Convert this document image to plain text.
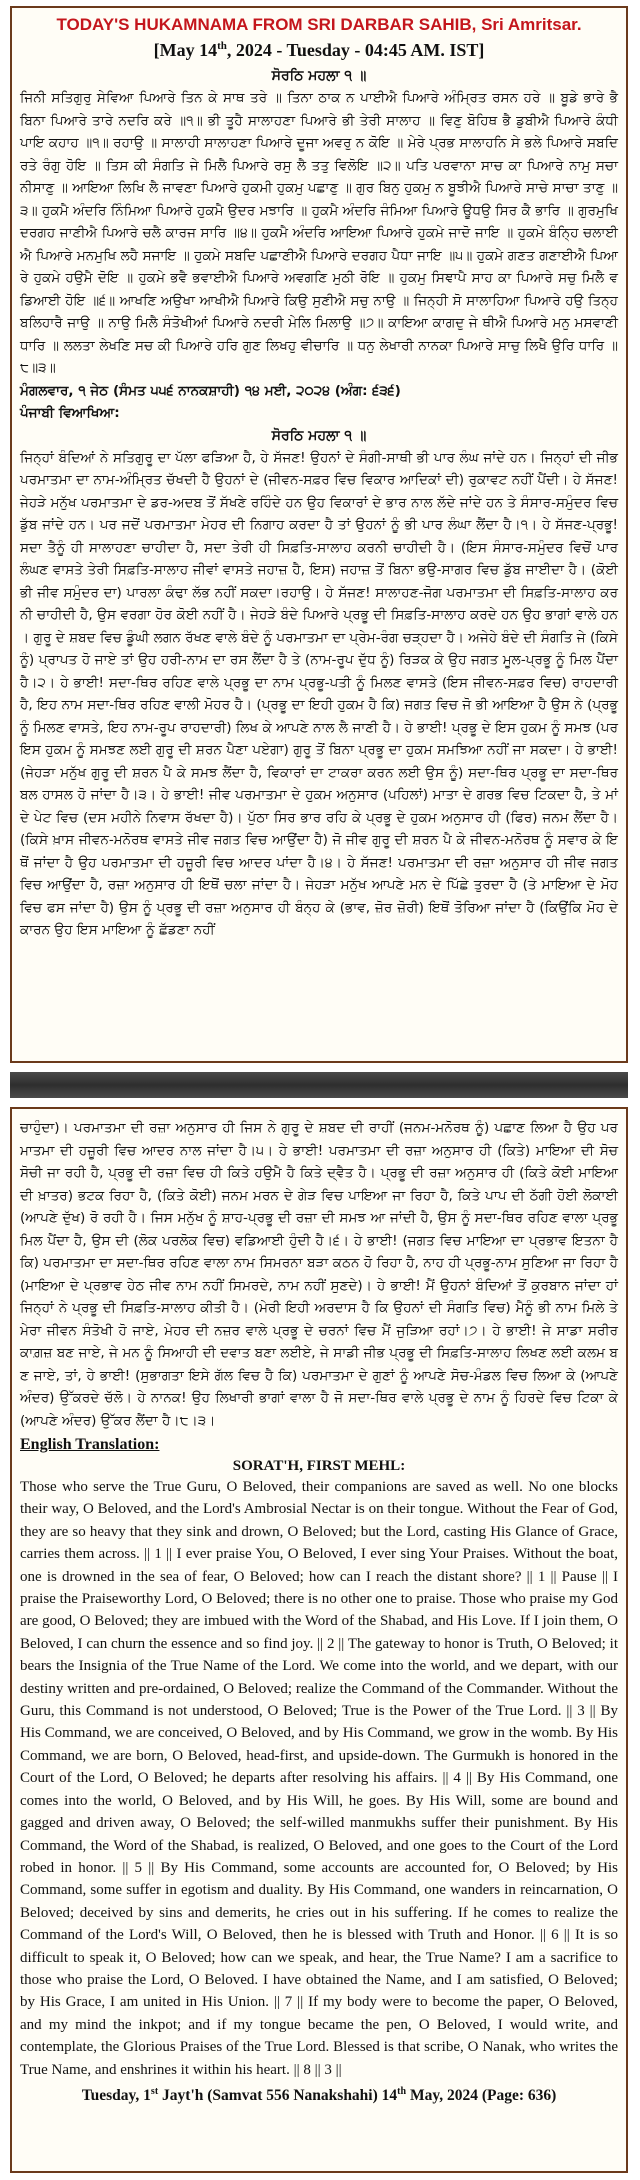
TODAY'S HUKAMNAMA FROM SRI DARBAR SAHIB, Sri Amritsar.

[May 14th, 2024 - Tuesday - 04:45 AM. IST]

ਸੋਰਠਿ ਮਹਲਾ ੧ ॥

ਜਿਨੀ ਸਤਿਗੁਰੁ ਸੇਵਿਆ ਪਿਆਰੇ ਤਿਨ ਕੇ ਸਾਥ ਤਰੇ ॥ ਤਿਨਾ ਠਾਕ ਨ ਪਾਈਐ ਪਿਆਰੇ ਅੰਮ੍ਰਿਤ ਰਸਨ ਹਰੇ ॥ ਬੂਡੇ ਭਾਰੇ ਭੈ ਬਿਨਾ ਪਿਆਰੇ ਤਾਰੇ ਨਦਰਿ ਕਰੇ ॥੧॥ ਭੀ ਤੂਹੈ ਸਾਲਾਹਣਾ ਪਿਆਰੇ ਭੀ ਤੇਰੀ ਸਾਲਾਹ ॥ ਵਿਣੁ ਬੋਹਿਥ ਭੈ ਡੁਬੀਐ ਪਿਆਰੇ ਕੰਧੀ ਪਾਇ ਕਹਾਹ ॥੧॥ ਰਹਾਉ ॥ ਸਾਲਾਹੀ ਸਾਲਾਹਣਾ ਪਿਆਰੇ ਦੂਜਾ ਅਵਰੁ ਨ ਕੋਇ ॥ ਮੇਰੇ ਪ੍ਰਭ ਸਾਲਾਹਨਿ ਸੇ ਭਲੇ ਪਿਆਰੇ ਸਬਦਿ ਰਤੇ ਰੰਗੁ ਹੋਇ ॥ ਤਿਸ ਕੀ ਸੰਗਤਿ ਜੇ ਮਿਲੈ ਪਿਆਰੇ ਰਸੁ ਲੈ ਤਤੁ ਵਿਲੋਇ ॥੨॥ ਪਤਿ ਪਰਵਾਨਾ ਸਾਚ ਕਾ ਪਿਆਰੇ ਨਾਮੁ ਸਚਾ ਨੀਸਾਣੁ ॥ ਆਇਆ ਲਿਖਿ ਲੈ ਜਾਵਣਾ ਪਿਆਰੇ ਹੁਕਮੀ ਹੁਕਮੁ ਪਛਾਣੁ ॥ ਗੁਰ ਬਿਨੁ ਹੁਕਮੁ ਨ ਬੂਝੀਐ ਪਿਆਰੇ ਸਾਚੇ ਸਾਚਾ ਤਾਣੁ ॥੩॥ ਹੁਕਮੈ ਅੰਦਰਿ ਨਿੰਮਿਆ ਪਿਆਰੇ ਹੁਕਮੈ ਉਦਰ ਮਝਾਰਿ ॥ ਹੁਕਮੈ ਅੰਦਰਿ ਜੰਮਿਆ ਪਿਆਰੇ ਊਧਉ ਸਿਰ ਕੈ ਭਾਰਿ ॥ ਗੁਰਮੁਖਿ ਦਰਗਹ ਜਾਣੀਐ ਪਿਆਰੇ ਚਲੈ ਕਾਰਜ ਸਾਰਿ ॥੪॥ ਹੁਕਮੈ ਅੰਦਰਿ ਆਇਆ ਪਿਆਰੇ ਹੁਕਮੇ ਜਾਦੋ ਜਾਇ ॥ ਹੁਕਮੇ ਬੰਨ੍ਹਿ ਚਲਾਈਐ ਪਿਆਰੇ ਮਨਮੁਖਿ ਲਹੈ ਸਜਾਇ ॥ ਹੁਕਮੇ ਸਬਦਿ ਪਛਾਣੀਐ ਪਿਆਰੇ ਦਰਗਹ ਪੈਧਾ ਜਾਇ ॥੫॥ ਹੁਕਮੇ ਗਣਤ ਗਣਾਈਐ ਪਿਆਰੇ ਹੁਕਮੇ ਹਉਮੈ ਦੋਇ ॥ ਹੁਕਮੇ ਭਵੈ ਭਵਾਈਐ ਪਿਆਰੇ ਅਵਗਣਿ ਮੁਠੀ ਰੋਇ ॥ ਹੁਕਮੁ ਸਿਞਾਪੈ ਸਾਹ ਕਾ ਪਿਆਰੇ ਸਚੁ ਮਿਲੈ ਵਡਿਆਈ ਹੋਇ ॥੬॥ ਆਖਣਿ ਅਉਖਾ ਆਖੀਐ ਪਿਆਰੇ ਕਿਉ ਸੁਣੀਐ ਸਚੁ ਨਾਉ ॥ ਜਿਨ੍ਹੀ ਸੋ ਸਾਲਾਹਿਆ ਪਿਆਰੇ ਹਉ ਤਿਨ੍ਹ ਬਲਿਹਾਰੈ ਜਾਉ ॥ ਨਾਉ ਮਿਲੈ ਸੰਤੋਖੀਆਂ ਪਿਆਰੇ ਨਦਰੀ ਮੇਲਿ ਮਿਲਾਉ ॥੭॥ ਕਾਇਆ ਕਾਗਦੁ ਜੇ ਥੀਐ ਪਿਆਰੇ ਮਨੁ ਮਸਵਾਣੀ ਧਾਰਿ ॥ ਲਲਤਾ ਲੇਖਣਿ ਸਚ ਕੀ ਪਿਆਰੇ ਹਰਿ ਗੁਣ ਲਿਖਹੁ ਵੀਚਾਰਿ ॥ ਧਨੁ ਲੇਖਾਰੀ ਨਾਨਕਾ ਪਿਆਰੇ ਸਾਚੁ ਲਿਖੈ ਉਰਿ ਧਾਰਿ ॥੮॥੩॥

ਮੰਗਲਵਾਰ, ੧ ਜੇਠ (ਸੰਮਤ ੫੫੬ ਨਾਨਕਸ਼ਾਹੀ) ੧੪ ਮਈ, ੨੦੨੪ (ਅੰਗ: ੬੩੬)

ਪੰਜਾਬੀ ਵਿਆਖਿਆ:

ਸੋਰਠਿ ਮਹਲਾ ੧ ॥

ਜਿਨ੍ਹਾਂ ਬੰਦਿਆਂ ਨੇ ਸਤਿਗੁਰੂ ਦਾ ਪੱਲਾ ਫੜਿਆ ਹੈ, ਹੇ ਸੱਜਣ! ਉਹਨਾਂ ਦੇ ਸੰਗੀ-ਸਾਥੀ ਭੀ ਪਾਰ ਲੰਘ ਜਾਂਦੇ ਹਨ। ਜਿਨ੍ਹਾਂ ਦੀ ਜੀਭ ਪਰਮਾਤਮਾ ਦਾ ਨਾਮ-ਅੰਮ੍ਰਿਤ ਚੱਖਦੀ ਹੈ ਉਹਨਾਂ ਦੇ (ਜੀਵਨ-ਸਫ਼ਰ ਵਿਚ ਵਿਕਾਰ ਆਦਿਕਾਂ ਦੀ) ਰੁਕਾਵਟ ਨਹੀਂ ਪੈਂਦੀ। ਹੇ ਸੱਜਣ! ਜੇਹੜੇ ਮਨੁੱਖ ਪਰਮਾਤਮਾ ਦੇ ਡਰ-ਅਦਬ ਤੋਂ ਸੱਖਣੇ ਰਹਿੰਦੇ ਹਨ ਉਹ ਵਿਕਾਰਾਂ ਦੇ ਭਾਰ ਨਾਲ ਲੱਦੇ ਜਾਂਦੇ ਹਨ ਤੇ ਸੰਸਾਰ-ਸਮੁੰਦਰ ਵਿਚ ਡੁੱਬ ਜਾਂਦੇ ਹਨ। ਪਰ ਜਦੋਂ ਪਰਮਾਤਮਾ ਮੇਹਰ ਦੀ ਨਿਗਾਹ ਕਰਦਾ ਹੈ ਤਾਂ ਉਹਨਾਂ ਨੂੰ ਭੀ ਪਾਰ ਲੰਘਾ ਲੈਂਦਾ ਹੈ।੧। ਹੇ ਸੱਜਣ-ਪ੍ਰਭੂ! ਸਦਾ ਤੈਨੂੰ ਹੀ ਸਾਲਾਹਣਾ ਚਾਹੀਦਾ ਹੈ, ਸਦਾ ਤੇਰੀ ਹੀ ਸਿਫ਼ਤਿ-ਸਾਲਾਹ ਕਰਨੀ ਚਾਹੀਦੀ ਹੈ। (ਇਸ ਸੰਸਾਰ-ਸਮੁੰਦਰ ਵਿਚੋਂ ਪਾਰ ਲੰਘਣ ਵਾਸਤੇ ਤੇਰੀ ਸਿਫ਼ਤਿ-ਸਾਲਾਹ ਜੀਵਾਂ ਵਾਸਤੇ ਜਹਾਜ਼ ਹੈ, ਇਸ) ਜਹਾਜ਼ ਤੋਂ ਬਿਨਾ ਭਉ-ਸਾਗਰ ਵਿਚ ਡੁੱਬ ਜਾਈਦਾ ਹੈ। (ਕੋਈ ਭੀ ਜੀਵ ਸਮੁੰਦਰ ਦਾ) ਪਾਰਲਾ ਕੰਢਾ ਲੱਭ ਨਹੀਂ ਸਕਦਾ।ਰਹਾਉ। ਹੇ ਸੱਜਣ! ਸਾਲਾਹਣ-ਜੋਗ ਪਰਮਾਤਮਾ ਦੀ ਸਿਫ਼ਤਿ-ਸਾਲਾਹ ਕਰਨੀ ਚਾਹੀਦੀ ਹੈ, ਉਸ ਵਰਗਾ ਹੋਰ ਕੋਈ ਨਹੀਂ ਹੈ। ਜੇਹੜੇ ਬੰਦੇ ਪਿਆਰੇ ਪ੍ਰਭੂ ਦੀ ਸਿਫ਼ਤਿ-ਸਾਲਾਹ ਕਰਦੇ ਹਨ ਉਹ ਭਾਗਾਂ ਵਾਲੇ ਹਨ। ਗੁਰੂ ਦੇ ਸ਼ਬਦ ਵਿਚ ਡੂੰਘੀ ਲਗਨ ਰੱਖਣ ਵਾਲੇ ਬੰਦੇ ਨੂੰ ਪਰਮਾਤਮਾ ਦਾ ਪ੍ਰੇਮ-ਰੰਗ ਚੜ੍ਹਦਾ ਹੈ। ਅਜੇਹੇ ਬੰਦੇ ਦੀ ਸੰਗਤਿ ਜੇ (ਕਿਸੇ ਨੂੰ) ਪ੍ਰਾਪਤ ਹੋ ਜਾਏ ਤਾਂ ਉਹ ਹਰੀ-ਨਾਮ ਦਾ ਰਸ ਲੈਂਦਾ ਹੈ ਤੇ (ਨਾਮ-ਰੂਪ ਦੁੱਧ ਨੂੰ) ਰਿੜਕ ਕੇ ਉਹ ਜਗਤ ਮੂਲ-ਪ੍ਰਭੂ ਨੂੰ ਮਿਲ ਪੈਂਦਾ ਹੈ।੨। ਹੇ ਭਾਈ! ਸਦਾ-ਥਿਰ ਰਹਿਣ ਵਾਲੇ ਪ੍ਰਭੂ ਦਾ ਨਾਮ ਪ੍ਰਭੂ-ਪਤੀ ਨੂੰ ਮਿਲਣ ਵਾਸਤੇ (ਇਸ ਜੀਵਨ-ਸਫ਼ਰ ਵਿਚ) ਰਾਹਦਾਰੀ ਹੈ, ਇਹ ਨਾਮ ਸਦਾ-ਥਿਰ ਰਹਿਣ ਵਾਲੀ ਮੋਹਰ ਹੈ। (ਪ੍ਰਭੂ ਦਾ ਇਹੀ ਹੁਕਮ ਹੈ ਕਿ) ਜਗਤ ਵਿਚ ਜੋ ਭੀ ਆਇਆ ਹੈ ਉਸ ਨੇ (ਪ੍ਰਭੂ ਨੂੰ ਮਿਲਣ ਵਾਸਤੇ, ਇਹ ਨਾਮ-ਰੂਪ ਰਾਹਦਾਰੀ) ਲਿਖ ਕੇ ਆਪਣੇ ਨਾਲ ਲੈ ਜਾਣੀ ਹੈ। ਹੇ ਭਾਈ! ਪ੍ਰਭੂ ਦੇ ਇਸ ਹੁਕਮ ਨੂੰ ਸਮਝ (ਪਰ ਇਸ ਹੁਕਮ ਨੂੰ ਸਮਝਣ ਲਈ ਗੁਰੂ ਦੀ ਸ਼ਰਨ ਪੈਣਾ ਪਏਗਾ) ਗੁਰੂ ਤੋਂ ਬਿਨਾ ਪ੍ਰਭੂ ਦਾ ਹੁਕਮ ਸਮਝਿਆ ਨਹੀਂ ਜਾ ਸਕਦਾ। ਹੇ ਭਾਈ! (ਜੇਹੜਾ ਮਨੁੱਖ ਗੁਰੂ ਦੀ ਸ਼ਰਨ ਪੈ ਕੇ ਸਮਝ ਲੈਂਦਾ ਹੈ, ਵਿਕਾਰਾਂ ਦਾ ਟਾਕਰਾ ਕਰਨ ਲਈ ਉਸ ਨੂੰ) ਸਦਾ-ਥਿਰ ਪ੍ਰਭੂ ਦਾ ਸਦਾ-ਥਿਰ ਬਲ ਹਾਸਲ ਹੋ ਜਾਂਦਾ ਹੈ।੩। ਹੇ ਭਾਈ! ਜੀਵ ਪਰਮਾਤਮਾ ਦੇ ਹੁਕਮ ਅਨੁਸਾਰ (ਪਹਿਲਾਂ) ਮਾਤਾ ਦੇ ਗਰਭ ਵਿਚ ਟਿਕਦਾ ਹੈ, ਤੇ ਮਾਂ ਦੇ ਪੇਟ ਵਿਚ (ਦਸ ਮਹੀਨੇ ਨਿਵਾਸ ਰੱਖਦਾ ਹੈ)। ਪੁੱਠਾ ਸਿਰ ਭਾਰ ਰਹਿ ਕੇ ਪ੍ਰਭੂ ਦੇ ਹੁਕਮ ਅਨੁਸਾਰ ਹੀ (ਫਿਰ) ਜਨਮ ਲੈਂਦਾ ਹੈ। (ਕਿਸੇ ਖ਼ਾਸ ਜੀਵਨ-ਮਨੋਰਥ ਵਾਸਤੇ ਜੀਵ ਜਗਤ ਵਿਚ ਆਉਂਦਾ ਹੈ) ਜੋ ਜੀਵ ਗੁਰੂ ਦੀ ਸ਼ਰਨ ਪੈ ਕੇ ਜੀਵਨ-ਮਨੋਰਥ ਨੂੰ ਸਵਾਰ ਕੇ ਇਥੋਂ ਜਾਂਦਾ ਹੈ ਉਹ ਪਰਮਾਤਮਾ ਦੀ ਹਜ਼ੂਰੀ ਵਿਚ ਆਦਰ ਪਾਂਦਾ ਹੈ।੪। ਹੇ ਸੱਜਣ! ਪਰਮਾਤਮਾ ਦੀ ਰਜ਼ਾ ਅਨੁਸਾਰ ਹੀ ਜੀਵ ਜਗਤ ਵਿਚ ਆਉਂਦਾ ਹੈ, ਰਜ਼ਾ ਅਨੁਸਾਰ ਹੀ ਇਥੋਂ ਚਲਾ ਜਾਂਦਾ ਹੈ। ਜੇਹੜਾ ਮਨੁੱਖ ਆਪਣੇ ਮਨ ਦੇ ਪਿੱਛੇ ਤੁਰਦਾ ਹੈ (ਤੇ ਮਾਇਆ ਦੇ ਮੋਹ ਵਿਚ ਫਸ ਜਾਂਦਾ ਹੈ) ਉਸ ਨੂੰ ਪ੍ਰਭੂ ਦੀ ਰਜ਼ਾ ਅਨੁਸਾਰ ਹੀ ਬੰਨ੍ਹ ਕੇ (ਭਾਵ, ਜ਼ੋਰ ਜ਼ੋਰੀ) ਇਥੋਂ ਤੋਰਿਆ ਜਾਂਦਾ ਹੈ (ਕਿਉਂਕਿ ਮੋਹ ਦੇ ਕਾਰਨ ਉਹ ਇਸ ਮਾਇਆ ਨੂੰ ਛੱਡਣਾ ਨਹੀਂ

ਚਾਹੁੰਦਾ)। ਪਰਮਾਤਮਾ ਦੀ ਰਜ਼ਾ ਅਨੁਸਾਰ ਹੀ ਜਿਸ ਨੇ ਗੁਰੂ ਦੇ ਸ਼ਬਦ ਦੀ ਰਾਹੀਂ (ਜਨਮ-ਮਨੋਰਥ ਨੂੰ) ਪਛਾਣ ਲਿਆ ਹੈ ਉਹ ਪਰਮਾਤਮਾ ਦੀ ਹਜ਼ੂਰੀ ਵਿਚ ਆਦਰ ਨਾਲ ਜਾਂਦਾ ਹੈ।੫। ਹੇ ਭਾਈ! ਪਰਮਾਤਮਾ ਦੀ ਰਜ਼ਾ ਅਨੁਸਾਰ ਹੀ (ਕਿਤੇ) ਮਾਇਆ ਦੀ ਸੋਚ ਸੋਚੀ ਜਾ ਰਹੀ ਹੈ, ਪ੍ਰਭੂ ਦੀ ਰਜ਼ਾ ਵਿਚ ਹੀ ਕਿਤੇ ਹਉਮੈ ਹੈ ਕਿਤੇ ਦ੍ਵੈਤ ਹੈ। ਪ੍ਰਭੂ ਦੀ ਰਜ਼ਾ ਅਨੁਸਾਰ ਹੀ (ਕਿਤੇ ਕੋਈ ਮਾਇਆ ਦੀ ਖ਼ਾਤਰ) ਭਟਕ ਰਿਹਾ ਹੈ, (ਕਿਤੇ ਕੋਈ) ਜਨਮ ਮਰਨ ਦੇ ਗੇੜ ਵਿਚ ਪਾਇਆ ਜਾ ਰਿਹਾ ਹੈ, ਕਿਤੇ ਪਾਪ ਦੀ ਠੱਗੀ ਹੋਈ ਲੋਕਾਈ (ਆਪਣੇ ਦੁੱਖ) ਰੋ ਰਹੀ ਹੈ। ਜਿਸ ਮਨੁੱਖ ਨੂੰ ਸ਼ਾਹ-ਪ੍ਰਭੂ ਦੀ ਰਜ਼ਾ ਦੀ ਸਮਝ ਆ ਜਾਂਦੀ ਹੈ, ਉਸ ਨੂੰ ਸਦਾ-ਥਿਰ ਰਹਿਣ ਵਾਲਾ ਪ੍ਰਭੂ ਮਿਲ ਪੈਂਦਾ ਹੈ, ਉਸ ਦੀ (ਲੋਕ ਪਰਲੋਕ ਵਿਚ) ਵਡਿਆਈ ਹੁੰਦੀ ਹੈ।੬। ਹੇ ਭਾਈ! (ਜਗਤ ਵਿਚ ਮਾਇਆ ਦਾ ਪ੍ਰਭਾਵ ਇਤਨਾ ਹੈ ਕਿ) ਪਰਮਾਤਮਾ ਦਾ ਸਦਾ-ਥਿਰ ਰਹਿਣ ਵਾਲਾ ਨਾਮ ਸਿਮਰਨਾ ਬੜਾ ਕਠਨ ਹੋ ਰਿਹਾ ਹੈ, ਨਾਹ ਹੀ ਪ੍ਰਭੂ-ਨਾਮ ਸੁਣਿਆ ਜਾ ਰਿਹਾ ਹੈ (ਮਾਇਆ ਦੇ ਪ੍ਰਭਾਵ ਹੇਠ ਜੀਵ ਨਾਮ ਨਹੀਂ ਸਿਮਰਦੇ, ਨਾਮ ਨਹੀਂ ਸੁਣਦੇ)। ਹੇ ਭਾਈ! ਮੈਂ ਉਹਨਾਂ ਬੰਦਿਆਂ ਤੋਂ ਕੁਰਬਾਨ ਜਾਂਦਾ ਹਾਂ ਜਿਨ੍ਹਾਂ ਨੇ ਪ੍ਰਭੂ ਦੀ ਸਿਫ਼ਤਿ-ਸਾਲਾਹ ਕੀਤੀ ਹੈ। (ਮੇਰੀ ਇਹੀ ਅਰਦਾਸ ਹੈ ਕਿ ਉਹਨਾਂ ਦੀ ਸੰਗਤਿ ਵਿਚ) ਮੈਨੂੰ ਭੀ ਨਾਮ ਮਿਲੇ ਤੇ ਮੇਰਾ ਜੀਵਨ ਸੰਤੋਖੀ ਹੋ ਜਾਏ, ਮੇਹਰ ਦੀ ਨਜ਼ਰ ਵਾਲੇ ਪ੍ਰਭੂ ਦੇ ਚਰਨਾਂ ਵਿਚ ਮੈਂ ਜੁੜਿਆ ਰਹਾਂ।੭। ਹੇ ਭਾਈ! ਜੇ ਸਾਡਾ ਸਰੀਰ ਕਾਗ਼ਜ਼ ਬਣ ਜਾਏ, ਜੇ ਮਨ ਨੂੰ ਸਿਆਹੀ ਦੀ ਦਵਾਤ ਬਣਾ ਲਈਏ, ਜੇ ਸਾਡੀ ਜੀਭ ਪ੍ਰਭੂ ਦੀ ਸਿਫ਼ਤਿ-ਸਾਲਾਹ ਲਿਖਣ ਲਈ ਕਲਮ ਬਣ ਜਾਏ, ਤਾਂ, ਹੇ ਭਾਈ! (ਸੁਭਾਗਤਾ ਇਸੇ ਗੱਲ ਵਿਚ ਹੈ ਕਿ) ਪਰਮਾਤਮਾ ਦੇ ਗੁਣਾਂ ਨੂੰ ਆਪਣੇ ਸੋਚ-ਮੰਡਲ ਵਿਚ ਲਿਆ ਕੇ (ਆਪਣੇ ਅੰਦਰ) ਉੱਕਰਦੇ ਚੱਲੋ। ਹੇ ਨਾਨਕ! ਉਹ ਲਿਖਾਰੀ ਭਾਗਾਂ ਵਾਲਾ ਹੈ ਜੋ ਸਦਾ-ਥਿਰ ਵਾਲੇ ਪ੍ਰਭੂ ਦੇ ਨਾਮ ਨੂੰ ਹਿਰਦੇ ਵਿਚ ਟਿਕਾ ਕੇ (ਆਪਣੇ ਅੰਦਰ) ਉੱਕਰ ਲੈਂਦਾ ਹੈ।੮।੩।

English Translation:

SORAT'H, FIRST MEHL:

Those who serve the True Guru, O Beloved, their companions are saved as well. No one blocks their way, O Beloved, and the Lord's Ambrosial Nectar is on their tongue. Without the Fear of God, they are so heavy that they sink and drown, O Beloved; but the Lord, casting His Glance of Grace, carries them across. || 1 || I ever praise You, O Beloved, I ever sing Your Praises. Without the boat, one is drowned in the sea of fear, O Beloved; how can I reach the distant shore? || 1 || Pause || I praise the Praiseworthy Lord, O Beloved; there is no other one to praise. Those who praise my God are good, O Beloved; they are imbued with the Word of the Shabad, and His Love. If I join them, O Beloved, I can churn the essence and so find joy. || 2 || The gateway to honor is Truth, O Beloved; it bears the Insignia of the True Name of the Lord. We come into the world, and we depart, with our destiny written and pre-ordained, O Beloved; realize the Command of the Commander. Without the Guru, this Command is not understood, O Beloved; True is the Power of the True Lord. || 3 || By His Command, we are conceived, O Beloved, and by His Command, we grow in the womb. By His Command, we are born, O Beloved, head-first, and upside-down. The Gurmukh is honored in the Court of the Lord, O Beloved; he departs after resolving his affairs. || 4 || By His Command, one comes into the world, O Beloved, and by His Will, he goes. By His Will, some are bound and gagged and driven away, O Beloved; the self-willed manmukhs suffer their punishment. By His Command, the Word of the Shabad, is realized, O Beloved, and one goes to the Court of the Lord robed in honor. || 5 || By His Command, some accounts are accounted for, O Beloved; by His Command, some suffer in egotism and duality. By His Command, one wanders in reincarnation, O Beloved; deceived by sins and demerits, he cries out in his suffering. If he comes to realize the Command of the Lord's Will, O Beloved, then he is blessed with Truth and Honor. || 6 || It is so difficult to speak it, O Beloved; how can we speak, and hear, the True Name? I am a sacrifice to those who praise the Lord, O Beloved. I have obtained the Name, and I am satisfied, O Beloved; by His Grace, I am united in His Union. || 7 || If my body were to become the paper, O Beloved, and my mind the inkpot; and if my tongue became the pen, O Beloved, I would write, and contemplate, the Glorious Praises of the True Lord. Blessed is that scribe, O Nanak, who writes the True Name, and enshrines it within his heart. || 8 || 3 ||

Tuesday, 1st Jayt'h (Samvat 556 Nanakshahi) 14th May, 2024 (Page: 636)
